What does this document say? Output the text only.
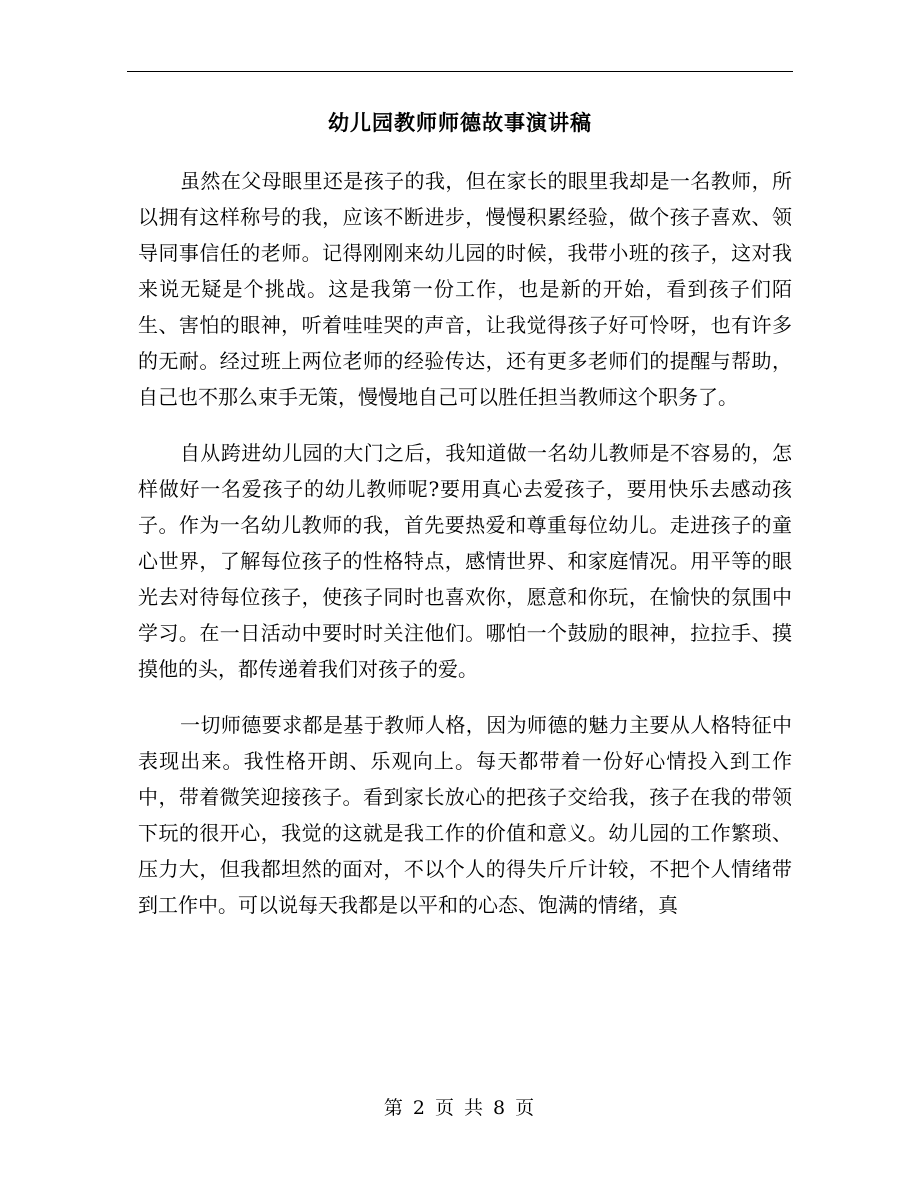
幼儿园教师师德故事演讲稿

虽然在父母眼里还是孩子的我，但在家长的眼里我却是一名教师，所以拥有这样称号的我，应该不断进步，慢慢积累经验，做个孩子喜欢、领导同事信任的老师。记得刚刚来幼儿园的时候，我带小班的孩子，这对我来说无疑是个挑战。这是我第一份工作，也是新的开始，看到孩子们陌生、害怕的眼神，听着哇哇哭的声音，让我觉得孩子好可怜呀，也有许多的无耐。经过班上两位老师的经验传达，还有更多老师们的提醒与帮助，自己也不那么束手无策，慢慢地自己可以胜任担当教师这个职务了。

自从跨进幼儿园的大门之后，我知道做一名幼儿教师是不容易的，怎样做好一名爱孩子的幼儿教师呢?要用真心去爱孩子，要用快乐去感动孩子。作为一名幼儿教师的我，首先要热爱和尊重每位幼儿。走进孩子的童心世界，了解每位孩子的性格特点，感情世界、和家庭情况。用平等的眼光去对待每位孩子，使孩子同时也喜欢你，愿意和你玩，在愉快的氛围中学习。在一日活动中要时时关注他们。哪怕一个鼓励的眼神，拉拉手、摸摸他的头，都传递着我们对孩子的爱。

一切师德要求都是基于教师人格，因为师德的魅力主要从人格特征中表现出来。我性格开朗、乐观向上。每天都带着一份好心情投入到工作中，带着微笑迎接孩子。看到家长放心的把孩子交给我，孩子在我的带领下玩的很开心，我觉的这就是我工作的价值和意义。幼儿园的工作繁琐、压力大，但我都坦然的面对，不以个人的得失斤斤计较，不把个人情绪带到工作中。可以说每天我都是以平和的心态、饱满的情绪，真

第 2 页 共 8 页
